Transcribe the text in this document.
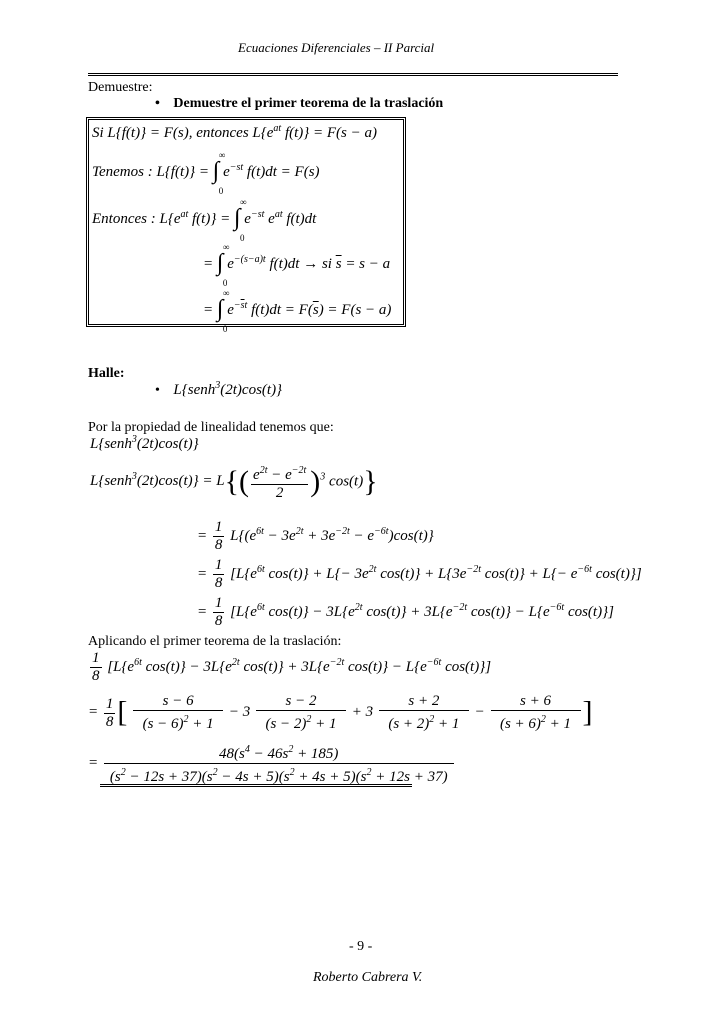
Ecuaciones Diferenciales – II Parcial
Demuestre:
• Demuestre el primer teorema de la traslación
Si L{f(t)} = F(s), entonces $L\{e^{at}$ f(t)} = F(s − a)
Tenemos : L{f(t)} = ∫
∞
0
$e^{-st}$ f(t)dt = F(s)
Entonces : $L\{e^{at}$ f(t)} = ∫
∞
0
$e^{-st}$ $e^{at}$ f(t)dt
= ∫
∞
0
$e^{-(s-a)t}$ f(t)dt → si $\overline{s} = s - a$
= ∫
∞
0
$e^{-\overline{s}t}$ $f(t)dt = F(\overline{s}) = F(s - a)$
Halle:
• L{senh$^3$(2t)cos(t)}
Por la propiedad de linealidad tenemos que:
L{senh$^3$(2t)cos(t)}
L{senh$^3$(2t)cos(t)} = $L\{( \frac{e^{2t} - e^{-2t}}{2} )^3$ cos(t)}
= $\frac{1}{8} L\{(e^{6t} - 3e^{2t} + 3e^{-2t} - e^{-6t})\cos(t)\}$
= $\frac{1}{8} [L\{e^{6t}$ $\cos(t)\} + L\{- 3e^{2t}$ $\cos(t)\} + L\{3e^{-2t}$ $\cos(t)\} + L\{- e^{-6t}$ cos(t)}]
= $\frac{1}{8} [L\{e^{6t}$ $\cos(t)\} - 3L\{e^{2t}$ $\cos(t)\} + 3L\{e^{-2t}$ $\cos(t)\} - L\{e^{-6t}$ cos(t)}]
Aplicando el primer teorema de la traslación:
$\frac{1}{8} [L\{e^{6t}$ $\cos(t)\} - 3L\{e^{2t}$ $\cos(t)\} + 3L\{e^{-2t}$ $\cos(t)\} - L\{e^{-6t}$ cos(t)}]
= $\frac{1}{8}$ [ $\frac{s - 6}{(s - 6)^2 + 1} - 3 \frac{s - 2}{(s - 2)^2 + 1} + 3 \frac{s + 2}{(s + 2)^2 + 1} - \frac{s + 6}{(s + 6)^2 + 1}$ ]
= $\frac{48(s^4 - 46s^2 + 185)}{(s^2 - 12s + 37)(s^2 - 4s + 5)(s^2 + 4s + 5)(s^2 + 12s + 37)}$
- 9 -
Roberto Cabrera V.
